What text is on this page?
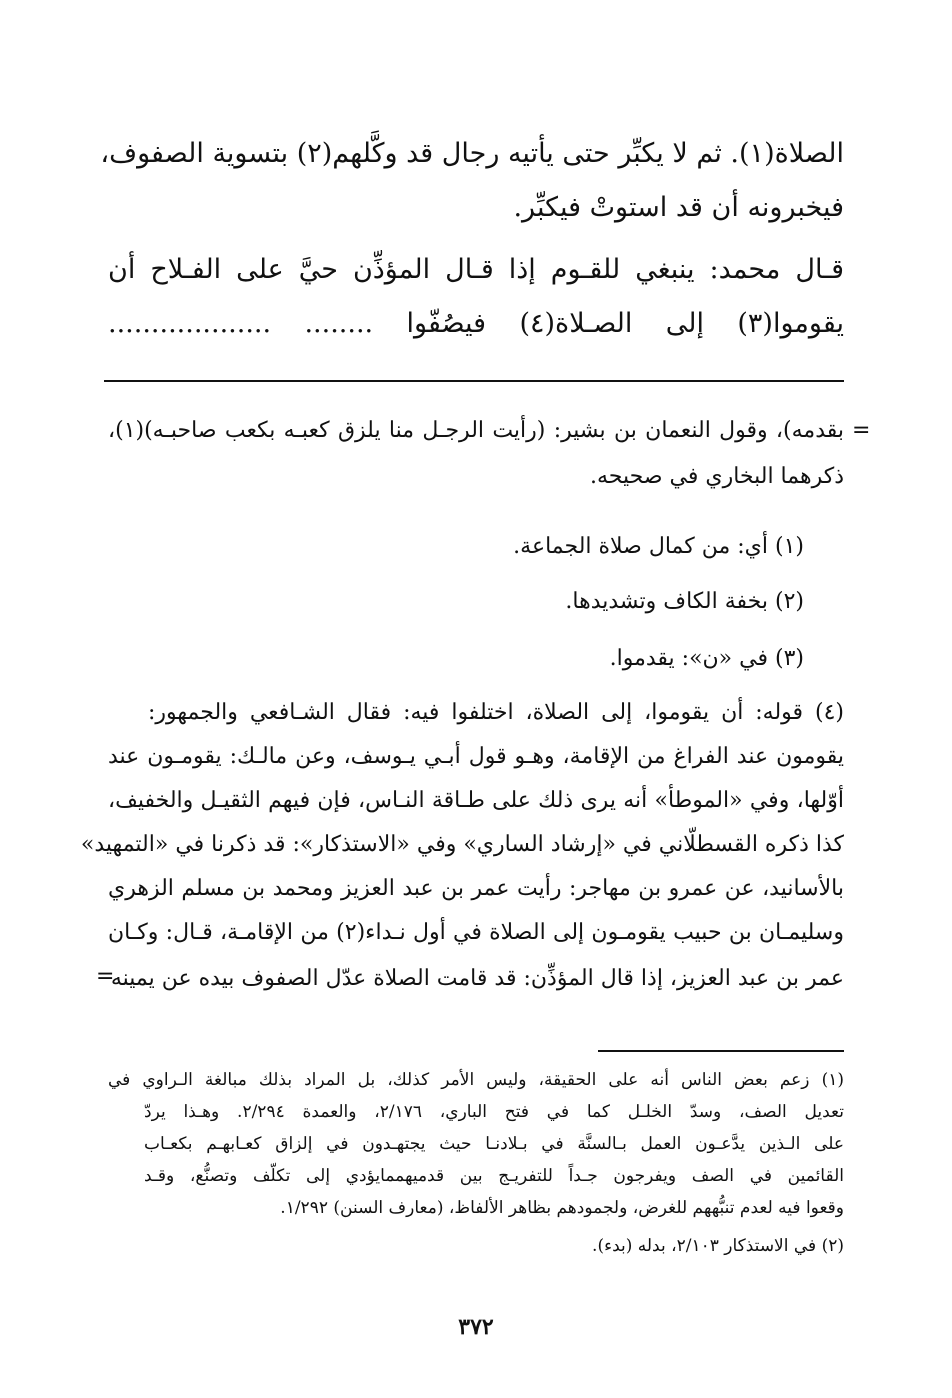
الصلاة(١). ثم لا يكبِّر حتى يأتيه رجال قد وكَّلهم(٢) بتسوية الصفوف،
فيخبرونه أن قد استوتْ فيكبِّر.
قـال محمد: ينبغي للقـوم إذا قـال المؤذِّن حيَّ على الفـلاح أن
يقوموا(٣) إلى الصـلاة(٤) فيصُفّوا ........ ...................
=
بقدمه)، وقول النعمان بن بشير: (رأيت الرجـل منا يلزق كعبـه بكعب صاحبـه)(١)،
ذكرهما البخاري في صحيحه.
(١) أي: من كمال صلاة الجماعة.
(٢) بخفة الكاف وتشديدها.
(٣) في «ن»: يقدموا.
(٤) قوله: أن يقوموا، إلى الصلاة، اختلفوا فيه: فقال الشـافعي والجمهور:
يقومون عند الفراغ من الإقامة، وهـو قول أبـي يـوسف، وعن مالـك: يقومـون عند
أوّلها، وفي «الموطأ» أنه يرى ذلك على طـاقة النـاس، فإن فيهم الثقيـل والخفيف،
كذا ذكره القسطلّاني في «إرشاد الساري» وفي «الاستذكار»: قد ذكرنا في «التمهيد»
بالأسانيد، عن عمرو بن مهاجر: رأيت عمر بن عبد العزيز ومحمد بن مسلم الزهري
وسليمـان بن حبيب يقومـون إلى الصلاة في أول نـداء(٢) من الإقامـة، قـال: وكـان
عمر بن عبد العزيز، إذا قال المؤذِّن: قد قامت الصلاة عدّل الصفوف بيده عن يمينه
=
(١) زعم بعض الناس أنه على الحقيقة، وليس الأمر كذلك، بل المراد بذلك مبالغة الـراوي في
تعديل الصف، وسدّ الخلـل كما في فتح الباري، ٢/١٧٦، والعمدة ٢/٢٩٤. وهـذا يردّ
على الـذين يدَّعـون العمل بـالسنَّة في بـلادنـا حيث يجتهـدون في إلزاق كعـابهـم بكعـاب
القائمين في الصف ويفرجون جـداً للتفريـج بين قدميهممايؤدي إلى تكلّف وتصنُّع، وقـد
وقعوا فيه لعدم تنبُّههم للغرض، ولجمودهم بظاهر الألفاظ، (معارف السنن) ١/٢٩٢.
(٢) في الاستذكار ٢/١٠٣، بدله (بدء).
٣٧٢
